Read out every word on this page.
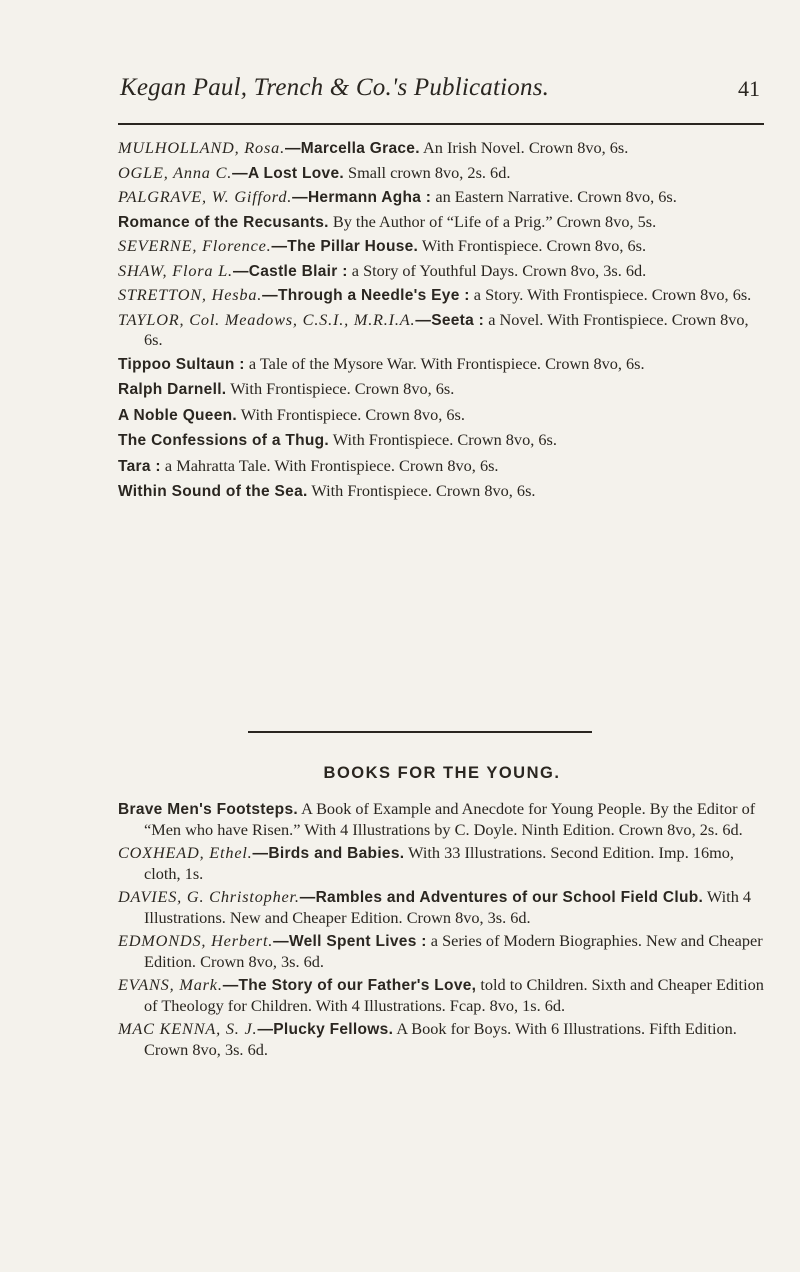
Kegan Paul, Trench & Co.'s Publications.	41

MULHOLLAND, Rosa.—Marcella Grace. An Irish Novel. Crown 8vo, 6s.

OGLE, Anna C.—A Lost Love. Small crown 8vo, 2s. 6d.

PALGRAVE, W. Gifford.—Hermann Agha : an Eastern Narrative. Crown 8vo, 6s.

Romance of the Recusants. By the Author of “Life of a Prig.” Crown 8vo, 5s.

SEVERNE, Florence.—The Pillar House. With Frontispiece. Crown 8vo, 6s.

SHAW, Flora L.—Castle Blair : a Story of Youthful Days. Crown 8vo, 3s. 6d.

STRETTON, Hesba.—Through a Needle's Eye : a Story. With Frontispiece. Crown 8vo, 6s.

TAYLOR, Col. Meadows, C.S.I., M.R.I.A.—Seeta : a Novel. With Frontispiece. Crown 8vo, 6s.

Tippoo Sultaun : a Tale of the Mysore War. With Frontispiece. Crown 8vo, 6s.

Ralph Darnell. With Frontispiece. Crown 8vo, 6s.

A Noble Queen. With Frontispiece. Crown 8vo, 6s.

The Confessions of a Thug. With Frontispiece. Crown 8vo, 6s.

Tara : a Mahratta Tale. With Frontispiece. Crown 8vo, 6s.

Within Sound of the Sea. With Frontispiece. Crown 8vo, 6s.

BOOKS FOR THE YOUNG.

Brave Men's Footsteps. A Book of Example and Anecdote for Young People. By the Editor of “Men who have Risen.” With 4 Illustrations by C. Doyle. Ninth Edition. Crown 8vo, 2s. 6d.

COXHEAD, Ethel.—Birds and Babies. With 33 Illustrations. Second Edition. Imp. 16mo, cloth, 1s.

DAVIES, G. Christopher.—Rambles and Adventures of our School Field Club. With 4 Illustrations. New and Cheaper Edition. Crown 8vo, 3s. 6d.

EDMONDS, Herbert.—Well Spent Lives : a Series of Modern Biographies. New and Cheaper Edition. Crown 8vo, 3s. 6d.

EVANS, Mark.—The Story of our Father's Love, told to Children. Sixth and Cheaper Edition of Theology for Children. With 4 Illustrations. Fcap. 8vo, 1s. 6d.

MAC KENNA, S. J.—Plucky Fellows. A Book for Boys. With 6 Illustrations. Fifth Edition. Crown 8vo, 3s. 6d.
